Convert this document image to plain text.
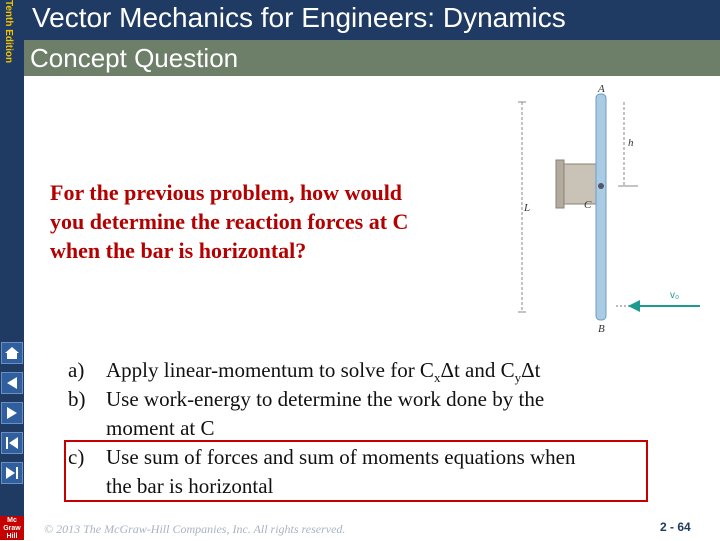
Tenth Edition
Mc Graw Hill
Vector Mechanics for Engineers: Dynamics
Concept Question
For the previous problem, how would
you determine the reaction forces at C
when the bar is horizontal?
L
h
A
B
C
v₀
a) Apply linear-momentum to solve for $C_x\Delta t$ and $C_y\Delta t$
b) Use work-energy to determine the work done by the
moment at C
c) Use sum of forces and sum of moments equations when
the bar is horizontal
© 2013 The McGraw-Hill Companies, Inc. All rights reserved.	2 - 64
